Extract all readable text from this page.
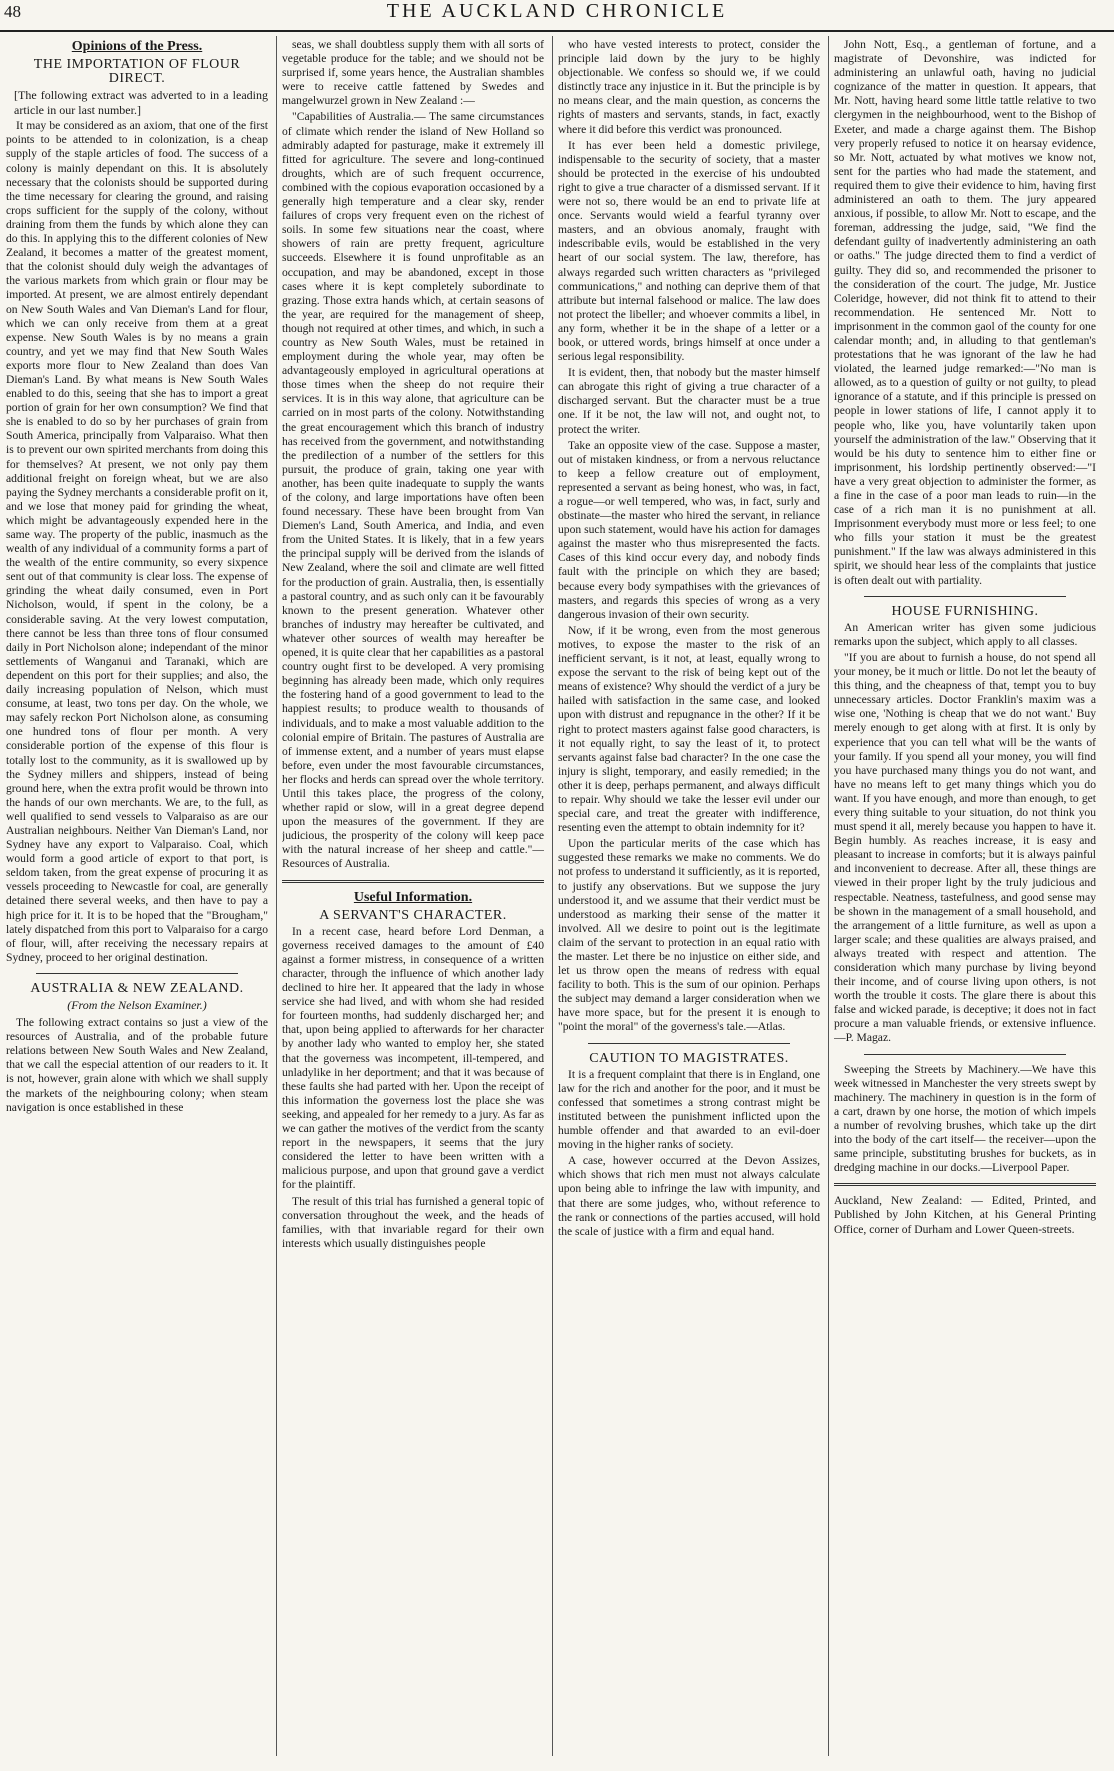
48	THE AUCKLAND CHRONICLE
Opinions of the Press.
THE IMPORTATION OF FLOUR DIRECT.

[The following extract was adverted to in a leading article in our last number.]

It may be considered as an axiom, that one of the first points to be attended to in colonization, is a cheap supply of the staple articles of food. The success of a colony is mainly dependant on this. It is absolutely necessary that the colonists should be supported during the time necessary for clearing the ground, and raising crops sufficient for the supply of the colony, without draining from them the funds by which alone they can do this. In applying this to the different colonies of New Zealand, it becomes a matter of the greatest moment, that the colonist should duly weigh the advantages of the various markets from which grain or flour may be imported. At present, we are almost entirely dependant on New South Wales and Van Dieman's Land for flour, which we can only receive from them at a great expense. New South Wales is by no means a grain country, and yet we may find that New South Wales exports more flour to New Zealand than does Van Dieman's Land. By what means is New South Wales enabled to do this, seeing that she has to import a great portion of grain for her own consumption? We find that she is enabled to do so by her purchases of grain from South America, principally from Valparaiso. What then is to prevent our own spirited merchants from doing this for themselves? At present, we not only pay them additional freight on foreign wheat, but we are also paying the Sydney merchants a considerable profit on it, and we lose that money paid for grinding the wheat, which might be advantageously expended here in the same way. The property of the public, inasmuch as the wealth of any individual of a community forms a part of the wealth of the entire community, so every sixpence sent out of that community is clear loss. The expense of grinding the wheat daily consumed, even in Port Nicholson, would, if spent in the colony, be a considerable saving. At the very lowest computation, there cannot be less than three tons of flour consumed daily in Port Nicholson alone; independant of the minor settlements of Wanganui and Taranaki, which are dependent on this port for their supplies; and also, the daily increasing population of Nelson, which must consume, at least, two tons per day. On the whole, we may safely reckon Port Nicholson alone, as consuming one hundred tons of flour per month. A very considerable portion of the expense of this flour is totally lost to the community, as it is swallowed up by the Sydney millers and shippers, instead of being ground here, when the extra profit would be thrown into the hands of our own merchants. We are, to the full, as well qualified to send vessels to Valparaiso as are our Australian neighbours. Neither Van Dieman's Land, nor Sydney have any export to Valparaiso. Coal, which would form a good article of export to that port, is seldom taken, from the great expense of procuring it as vessels proceeding to Newcastle for coal, are generally detained there several weeks, and then have to pay a high price for it. It is to be hoped that the "Brougham," lately dispatched from this port to Valparaiso for a cargo of flour, will, after receiving the necessary repairs at Sydney, proceed to her original destination.

AUSTRALIA & NEW ZEALAND.
(From the Nelson Examiner.)

The following extract contains so just a view of the resources of Australia, and of the probable future relations between New South Wales and New Zealand, that we call the especial attention of our readers to it. It is not, however, grain alone with which we shall supply the markets of the neighbouring colony; when steam navigation is once established in these

seas, we shall doubtless supply them with all sorts of vegetable produce for the table; and we should not be surprised if, some years hence, the Australian shambles were to receive cattle fattened by Swedes and mangelwurzel grown in New Zealand :—

"Capabilities of Australia.— The same circumstances of climate which render the island of New Holland so admirably adapted for pasturage, make it extremely ill fitted for agriculture. The severe and long-continued droughts, which are of such frequent occurrence, combined with the copious evaporation occasioned by a generally high temperature and a clear sky, render failures of crops very frequent even on the richest of soils. In some few situations near the coast, where showers of rain are pretty frequent, agriculture succeeds. Elsewhere it is found unprofitable as an occupation, and may be abandoned, except in those cases where it is kept completely subordinate to grazing. Those extra hands which, at certain seasons of the year, are required for the management of sheep, though not required at other times, and which, in such a country as New South Wales, must be retained in employment during the whole year, may often be advantageously employed in agricultural operations at those times when the sheep do not require their services. It is in this way alone, that agriculture can be carried on in most parts of the colony. Notwithstanding the great encouragement which this branch of industry has received from the government, and notwithstanding the predilection of a number of the settlers for this pursuit, the produce of grain, taking one year with another, has been quite inadequate to supply the wants of the colony, and large importations have often been found necessary. These have been brought from Van Diemen's Land, South America, and India, and even from the United States. It is likely, that in a few years the principal supply will be derived from the islands of New Zealand, where the soil and climate are well fitted for the production of grain. Australia, then, is essentially a pastoral country, and as such only can it be favourably known to the present generation. Whatever other branches of industry may hereafter be cultivated, and whatever other sources of wealth may hereafter be opened, it is quite clear that her capabilities as a pastoral country ought first to be developed. A very promising beginning has already been made, which only requires the fostering hand of a good government to lead to the happiest results; to produce wealth to thousands of individuals, and to make a most valuable addition to the colonial empire of Britain. The pastures of Australia are of immense extent, and a number of years must elapse before, even under the most favourable circumstances, her flocks and herds can spread over the whole territory. Until this takes place, the progress of the colony, whether rapid or slow, will in a great degree depend upon the measures of the government. If they are judicious, the prosperity of the colony will keep pace with the natural increase of her sheep and cattle."—Resources of Australia.

Useful Information.
A SERVANT'S CHARACTER.

In a recent case, heard before Lord Denman, a governess received damages to the amount of £40 against a former mistress, in consequence of a written character, through the influence of which another lady declined to hire her. It appeared that the lady in whose service she had lived, and with whom she had resided for fourteen months, had suddenly discharged her; and that, upon being applied to afterwards for her character by another lady who wanted to employ her, she stated that the governess was incompetent, ill-tempered, and unladylike in her deportment; and that it was because of these faults she had parted with her. Upon the receipt of this information the governess lost the place she was seeking, and appealed for her remedy to a jury. As far as we can gather the motives of the verdict from the scanty report in the newspapers, it seems that the jury considered the letter to have been written with a malicious purpose, and upon that ground gave a verdict for the plaintiff.

The result of this trial has furnished a general topic of conversation throughout the week, and the heads of families, with that invariable regard for their own interests which usually distinguishes people

who have vested interests to protect, consider the principle laid down by the jury to be highly objectionable. We confess so should we, if we could distinctly trace any injustice in it. But the principle is by no means clear, and the main question, as concerns the rights of masters and servants, stands, in fact, exactly where it did before this verdict was pronounced.

It has ever been held a domestic privilege, indispensable to the security of society, that a master should be protected in the exercise of his undoubted right to give a true character of a dismissed servant. If it were not so, there would be an end to private life at once. Servants would wield a fearful tyranny over masters, and an obvious anomaly, fraught with indescribable evils, would be established in the very heart of our social system. The law, therefore, has always regarded such written characters as "privileged communications," and nothing can deprive them of that attribute but internal falsehood or malice. The law does not protect the libeller; and whoever commits a libel, in any form, whether it be in the shape of a letter or a book, or uttered words, brings himself at once under a serious legal responsibility.

It is evident, then, that nobody but the master himself can abrogate this right of giving a true character of a discharged servant. But the character must be a true one. If it be not, the law will not, and ought not, to protect the writer.

Take an opposite view of the case. Suppose a master, out of mistaken kindness, or from a nervous reluctance to keep a fellow creature out of employment, represented a servant as being honest, who was, in fact, a rogue—or well tempered, who was, in fact, surly and obstinate—the master who hired the servant, in reliance upon such statement, would have his action for damages against the master who thus misrepresented the facts. Cases of this kind occur every day, and nobody finds fault with the principle on which they are based; because every body sympathises with the grievances of masters, and regards this species of wrong as a very dangerous invasion of their own security.

Now, if it be wrong, even from the most generous motives, to expose the master to the risk of an inefficient servant, is it not, at least, equally wrong to expose the servant to the risk of being kept out of the means of existence? Why should the verdict of a jury be hailed with satisfaction in the same case, and looked upon with distrust and repugnance in the other? If it be right to protect masters against false good characters, is it not equally right, to say the least of it, to protect servants against false bad character? In the one case the injury is slight, temporary, and easily remedied; in the other it is deep, perhaps permanent, and always difficult to repair. Why should we take the lesser evil under our special care, and treat the greater with indifference, resenting even the attempt to obtain indemnity for it?

Upon the particular merits of the case which has suggested these remarks we make no comments. We do not profess to understand it sufficiently, as it is reported, to justify any observations. But we suppose the jury understood it, and we assume that their verdict must be understood as marking their sense of the matter it involved. All we desire to point out is the legitimate claim of the servant to protection in an equal ratio with the master. Let there be no injustice on either side, and let us throw open the means of redress with equal facility to both. This is the sum of our opinion. Perhaps the subject may demand a larger consideration when we have more space, but for the present it is enough to "point the moral" of the governess's tale.—Atlas.

CAUTION TO MAGISTRATES.

It is a frequent complaint that there is in England, one law for the rich and another for the poor, and it must be confessed that sometimes a strong contrast might be instituted between the punishment inflicted upon the humble offender and that awarded to an evil-doer moving in the higher ranks of society.

A case, however occurred at the Devon Assizes, which shows that rich men must not always calculate upon being able to infringe the law with impunity, and that there are some judges, who, without reference to the rank or connections of the parties accused, will hold the scale of justice with a firm and equal hand.

John Nott, Esq., a gentleman of fortune, and a magistrate of Devonshire, was indicted for administering an unlawful oath, having no judicial cognizance of the matter in question. It appears, that Mr. Nott, having heard some little tattle relative to two clergymen in the neighbourhood, went to the Bishop of Exeter, and made a charge against them. The Bishop very properly refused to notice it on hearsay evidence, so Mr. Nott, actuated by what motives we know not, sent for the parties who had made the statement, and required them to give their evidence to him, having first administered an oath to them. The jury appeared anxious, if possible, to allow Mr. Nott to escape, and the foreman, addressing the judge, said, "We find the defendant guilty of inadvertently administering an oath or oaths." The judge directed them to find a verdict of guilty. They did so, and recommended the prisoner to the consideration of the court. The judge, Mr. Justice Coleridge, however, did not think fit to attend to their recommendation. He sentenced Mr. Nott to imprisonment in the common gaol of the county for one calendar month; and, in alluding to that gentleman's protestations that he was ignorant of the law he had violated, the learned judge remarked:—"No man is allowed, as to a question of guilty or not guilty, to plead ignorance of a statute, and if this principle is pressed on people in lower stations of life, I cannot apply it to people who, like you, have voluntarily taken upon yourself the administration of the law." Observing that it would be his duty to sentence him to either fine or imprisonment, his lordship pertinently observed:—"I have a very great objection to administer the former, as a fine in the case of a poor man leads to ruin—in the case of a rich man it is no punishment at all. Imprisonment everybody must more or less feel; to one who fills your station it must be the greatest punishment." If the law was always administered in this spirit, we should hear less of the complaints that justice is often dealt out with partiality.

HOUSE FURNISHING.

An American writer has given some judicious remarks upon the subject, which apply to all classes.

"If you are about to furnish a house, do not spend all your money, be it much or little. Do not let the beauty of this thing, and the cheapness of that, tempt you to buy unnecessary articles. Doctor Franklin's maxim was a wise one, 'Nothing is cheap that we do not want.' Buy merely enough to get along with at first. It is only by experience that you can tell what will be the wants of your family. If you spend all your money, you will find you have purchased many things you do not want, and have no means left to get many things which you do want. If you have enough, and more than enough, to get every thing suitable to your situation, do not think you must spend it all, merely because you happen to have it. Begin humbly. As reaches increase, it is easy and pleasant to increase in comforts; but it is always painful and inconvenient to decrease. After all, these things are viewed in their proper light by the truly judicious and respectable. Neatness, tastefulness, and good sense may be shown in the management of a small household, and the arrangement of a little furniture, as well as upon a larger scale; and these qualities are always praised, and always treated with respect and attention. The consideration which many purchase by living beyond their income, and of course living upon others, is not worth the trouble it costs. The glare there is about this false and wicked parade, is deceptive; it does not in fact procure a man valuable friends, or extensive influence.—P. Magaz.

Sweeping the Streets by Machinery.—We have this week witnessed in Manchester the very streets swept by machinery. The machinery in question is in the form of a cart, drawn by one horse, the motion of which impels a number of revolving brushes, which take up the dirt into the body of the cart itself— the receiver—upon the same principle, substituting brushes for buckets, as in dredging machine in our docks.—Liverpool Paper.

Auckland, New Zealand: — Edited, Printed, and Published by John Kitchen, at his General Printing Office, corner of Durham and Lower Queen-streets.
